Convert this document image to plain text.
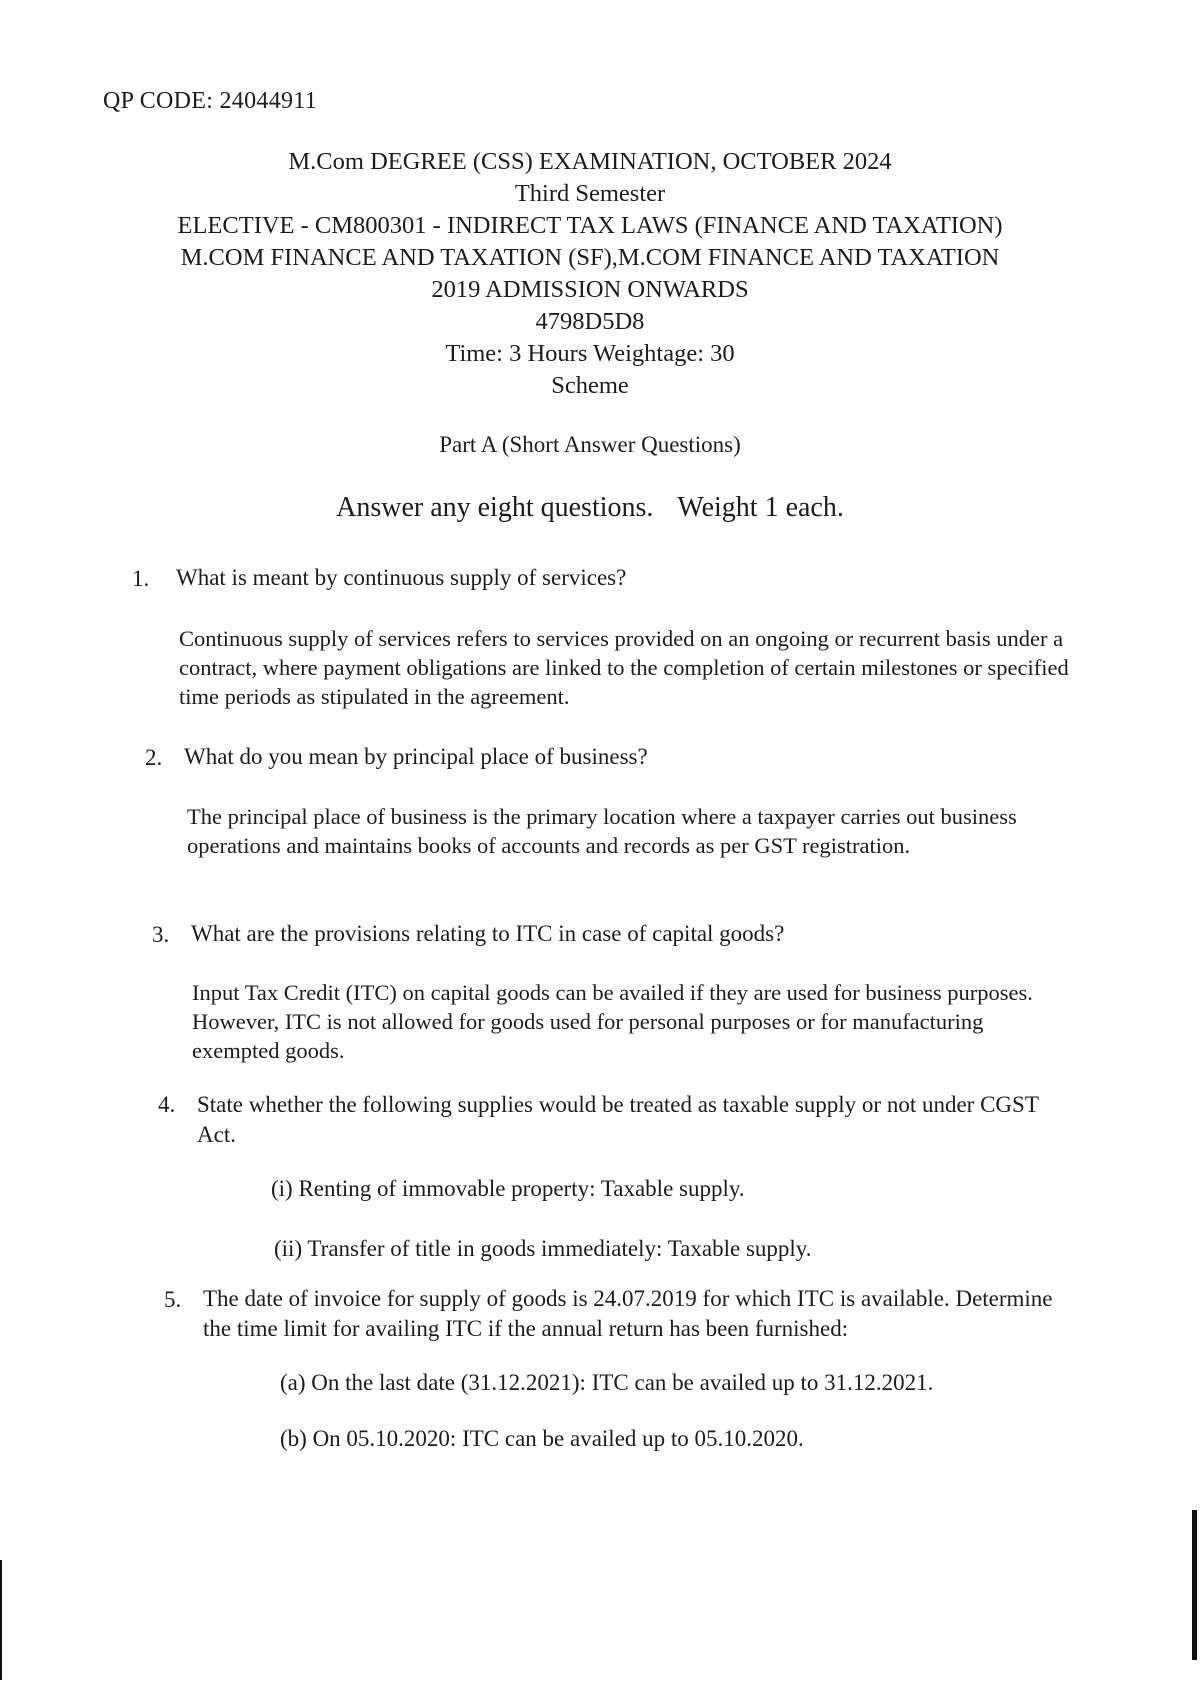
QP CODE: 24044911
M.Com DEGREE (CSS) EXAMINATION, OCTOBER 2024
Third Semester
ELECTIVE - CM800301 - INDIRECT TAX LAWS (FINANCE AND TAXATION)
M.COM FINANCE AND TAXATION (SF),M.COM FINANCE AND TAXATION
2019 ADMISSION ONWARDS
4798D5D8
Time: 3 Hours Weightage: 30
Scheme
Part A (Short Answer Questions)
Answer any eight questions. Weight 1 each.
1. What is meant by continuous supply of services?
Continuous supply of services refers to services provided on an ongoing or recurrent basis under a contract, where payment obligations are linked to the completion of certain milestones or specified time periods as stipulated in the agreement.
2. What do you mean by principal place of business?
The principal place of business is the primary location where a taxpayer carries out business operations and maintains books of accounts and records as per GST registration.
3. What are the provisions relating to ITC in case of capital goods?
Input Tax Credit (ITC) on capital goods can be availed if they are used for business purposes. However, ITC is not allowed for goods used for personal purposes or for manufacturing exempted goods.
4. State whether the following supplies would be treated as taxable supply or not under CGST Act.
(i) Renting of immovable property: Taxable supply.
(ii) Transfer of title in goods immediately: Taxable supply.
5. The date of invoice for supply of goods is 24.07.2019 for which ITC is available. Determine the time limit for availing ITC if the annual return has been furnished:
(a) On the last date (31.12.2021): ITC can be availed up to 31.12.2021.
(b) On 05.10.2020: ITC can be availed up to 05.10.2020.
